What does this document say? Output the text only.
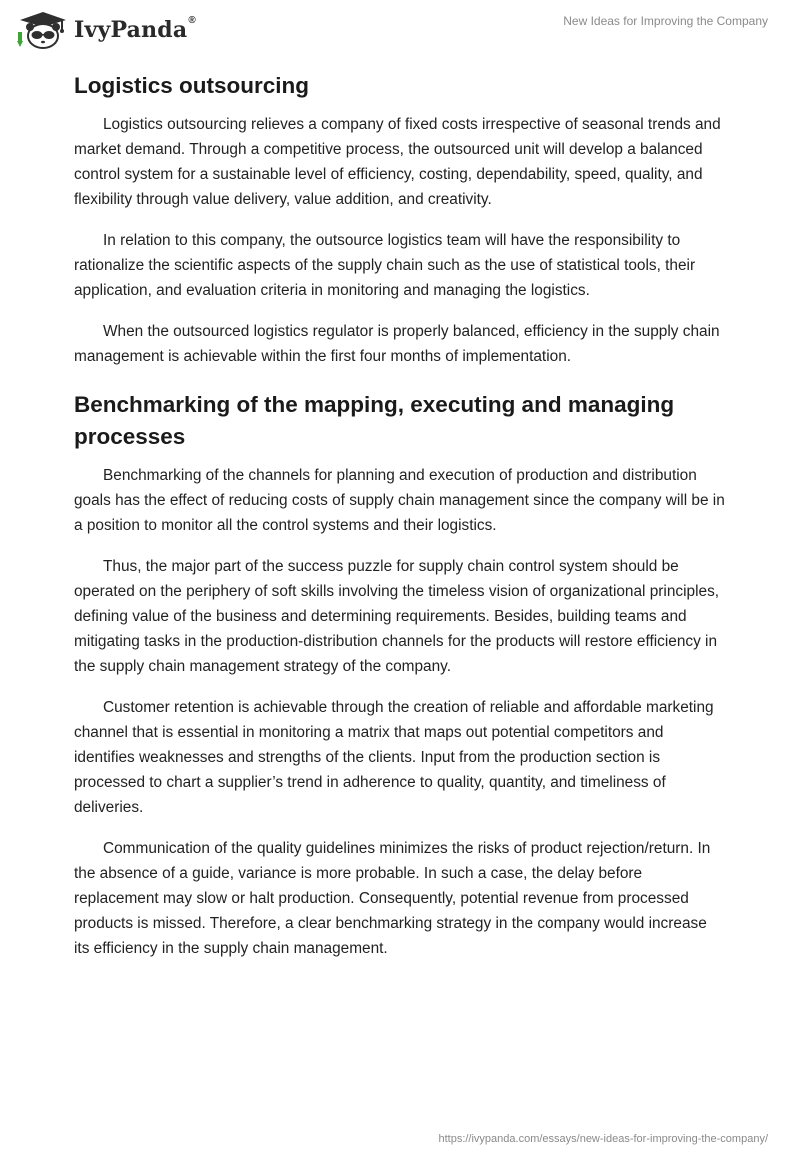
IvyPanda®	New Ideas for Improving the Company
Logistics outsourcing

Logistics outsourcing relieves a company of fixed costs irrespective of seasonal trends and market demand. Through a competitive process, the outsourced unit will develop a balanced control system for a sustainable level of efficiency, costing, dependability, speed, quality, and flexibility through value delivery, value addition, and creativity.

In relation to this company, the outsource logistics team will have the responsibility to rationalize the scientific aspects of the supply chain such as the use of statistical tools, their application, and evaluation criteria in monitoring and managing the logistics.

When the outsourced logistics regulator is properly balanced, efficiency in the supply chain management is achievable within the first four months of implementation.

Benchmarking of the mapping, executing and managing processes

Benchmarking of the channels for planning and execution of production and distribution goals has the effect of reducing costs of supply chain management since the company will be in a position to monitor all the control systems and their logistics.

Thus, the major part of the success puzzle for supply chain control system should be operated on the periphery of soft skills involving the timeless vision of organizational principles, defining value of the business and determining requirements. Besides, building teams and mitigating tasks in the production-distribution channels for the products will restore efficiency in the supply chain management strategy of the company.

Customer retention is achievable through the creation of reliable and affordable marketing channel that is essential in monitoring a matrix that maps out potential competitors and identifies weaknesses and strengths of the clients. Input from the production section is processed to chart a supplier’s trend in adherence to quality, quantity, and timeliness of deliveries.

Communication of the quality guidelines minimizes the risks of product rejection/return. In the absence of a guide, variance is more probable. In such a case, the delay before replacement may slow or halt production. Consequently, potential revenue from processed products is missed. Therefore, a clear benchmarking strategy in the company would increase its efficiency in the supply chain management.

https://ivypanda.com/essays/new-ideas-for-improving-the-company/
